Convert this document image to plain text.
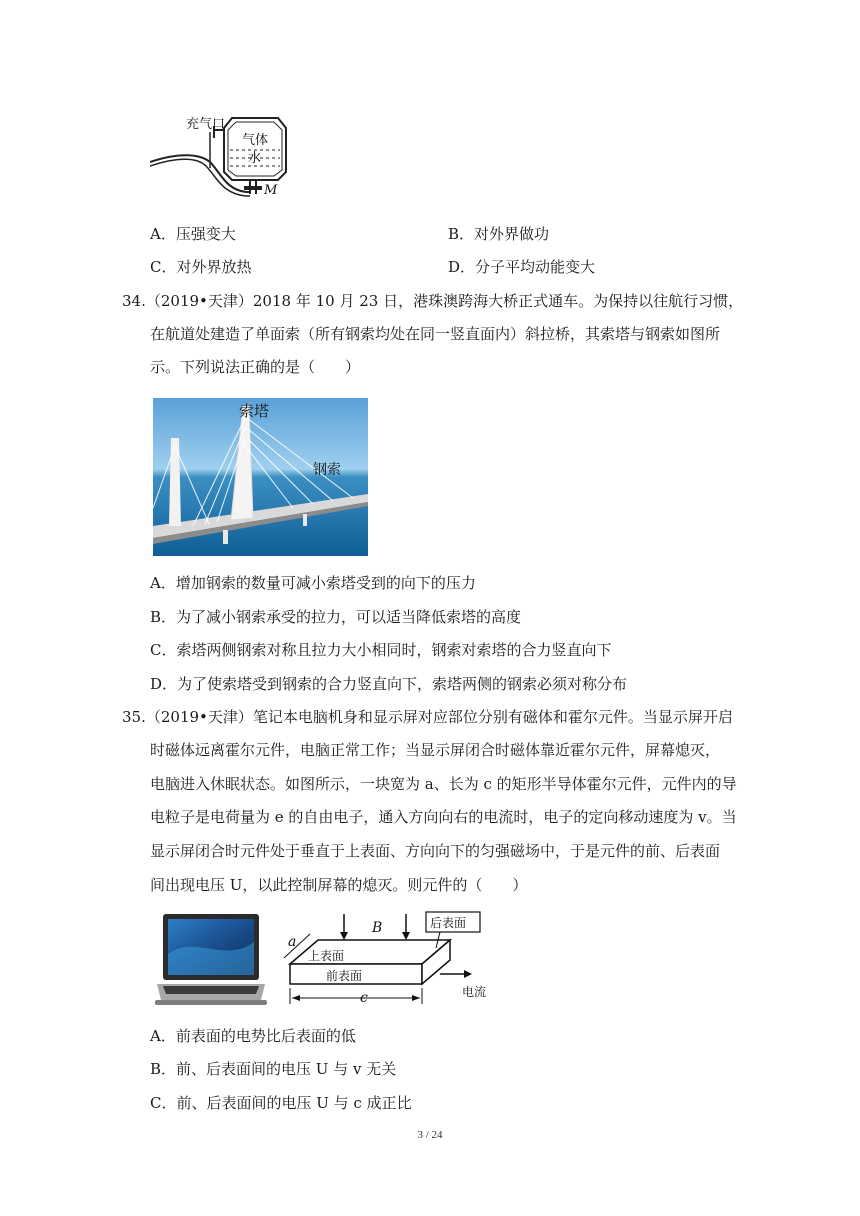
充气口
气体
水
M
A．压强变大	B．对外界做功
C．对外界放热	D．分子平均动能变大
34.（2019•天津）2018 年 10 月 23 日，港珠澳跨海大桥正式通车。为保持以往航行习惯，
在航道处建造了单面索（所有钢索均处在同一竖直面内）斜拉桥，其索塔与钢索如图所
示。下列说法正确的是（　　）
索塔
钢索
A．增加钢索的数量可减小索塔受到的向下的压力
B．为了减小钢索承受的拉力，可以适当降低索塔的高度
C．索塔两侧钢索对称且拉力大小相同时，钢索对索塔的合力竖直向下
D．为了使索塔受到钢索的合力竖直向下，索塔两侧的钢索必须对称分布
35.（2019•天津）笔记本电脑机身和显示屏对应部位分别有磁体和霍尔元件。当显示屏开启
时磁体远离霍尔元件，电脑正常工作；当显示屏闭合时磁体靠近霍尔元件，屏幕熄灭，
电脑进入休眠状态。如图所示，一块宽为 a、长为 c 的矩形半导体霍尔元件，元件内的导
电粒子是电荷量为 e 的自由电子，通入方向向右的电流时，电子的定向移动速度为 v。当
显示屏闭合时元件处于垂直于上表面、方向向下的匀强磁场中，于是元件的前、后表面
间出现电压 U，以此控制屏幕的熄灭。则元件的（　　）
后表面
上表面
前表面
电流
B
a
c
A．前表面的电势比后表面的低
B．前、后表面间的电压 U 与 v 无关
C．前、后表面间的电压 U 与 c 成正比
3 / 24
